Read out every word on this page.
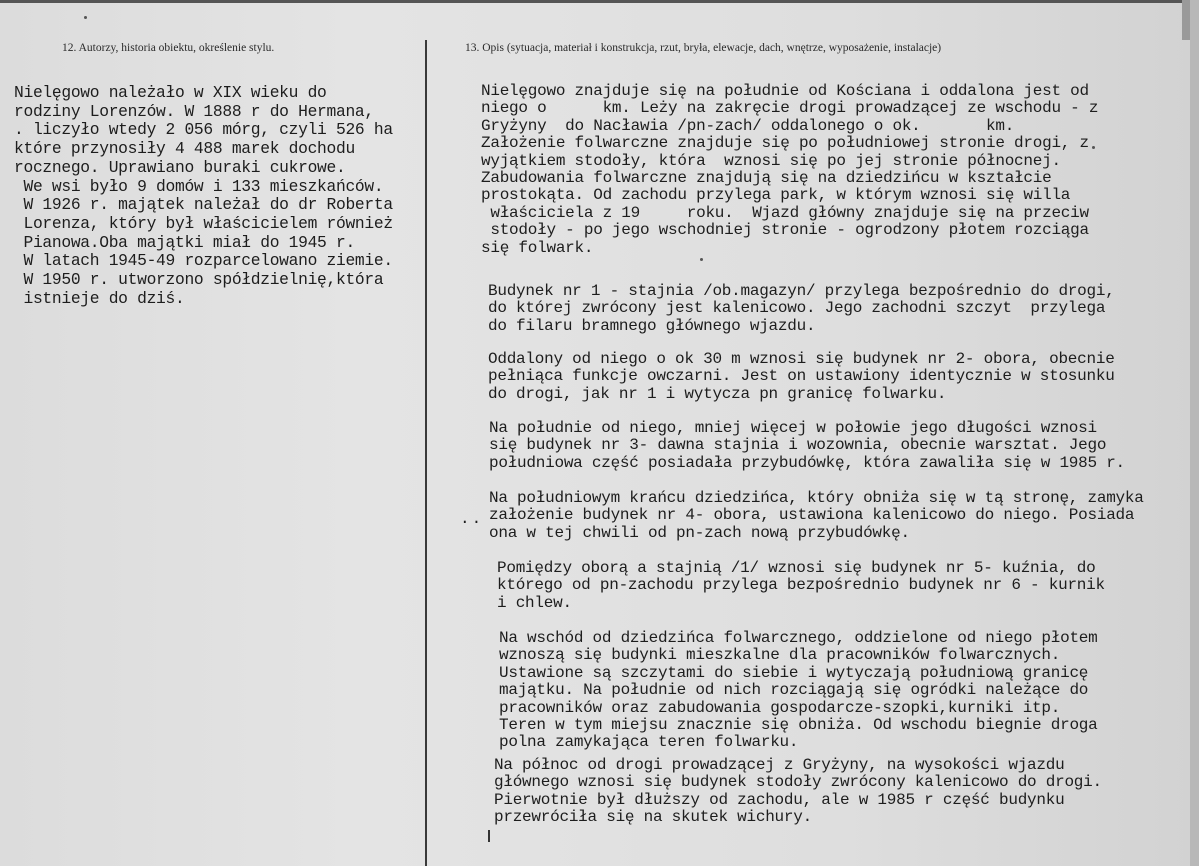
12. Autorzy, historia obiektu, określenie stylu.	13. Opis (sytuacja, materiał i konstrukcja, rzut, bryła, elewacje, dach, wnętrze, wyposażenie, instalacje)
Nielęgowo należało w XIX wieku do
rodziny Lorenzów. W 1888 r do Hermana,
. liczyło wtedy 2 056 mórg, czyli 526 ha
które przynosiły 4 488 marek dochodu
rocznego. Uprawiano buraki cukrowe.
We wsi było 9 domów i 133 mieszkańców.
W 1926 r. majątek należał do dr Roberta
Lorenza, który był właścicielem również
Pianowa.Oba majątki miał do 1945 r.
W latach 1945-49 rozparcelowano ziemie.
W 1950 r. utworzono spółdzielnię,która
istnieje do dziś.
Nielęgowo znajduje się na południe od Kościana i oddalona jest od
niego o      km. Leży na zakręcie drogi prowadzącej ze wschodu - z
Gryżyny  do Nacławia /pn-zach/ oddalonego o ok.       km.
Założenie folwarczne znajduje się po południowej stronie drogi, z
wyjątkiem stodoły, która  wznosi się po jej stronie północnej.
Zabudowania folwarczne znajdują się na dziedzińcu w kształcie
prostokąta. Od zachodu przylega park, w którym wznosi się willa
właściciela z 19     roku.  Wjazd główny znajduje się na przeciw
stodoły - po jego wschodniej stronie - ogrodzony płotem rozciąga
się folwark.
Budynek nr 1 - stajnia /ob.magazyn/ przylega bezpośrednio do drogi,
do której zwrócony jest kalenicowo. Jego zachodni szczyt  przylega
do filaru bramnego głównego wjazdu.
Oddalony od niego o ok 30 m wznosi się budynek nr 2- obora, obecnie
pełniąca funkcje owczarni. Jest on ustawiony identycznie w stosunku
do drogi, jak nr 1 i wytycza pn granicę folwarku.
Na południe od niego, mniej więcej w połowie jego długości wznosi
się budynek nr 3- dawna stajnia i wozownia, obecnie warsztat. Jego
południowa część posiadała przybudówkę, która zawaliła się w 1985 r.
Na południowym krańcu dziedzińca, który obniża się w tą stronę, zamyka
założenie budynek nr 4- obora, ustawiona kalenicowo do niego. Posiada
ona w tej chwili od pn-zach nową przybudówkę.
Pomiędzy oborą a stajnią /1/ wznosi się budynek nr 5- kuźnia, do
którego od pn-zachodu przylega bezpośrednio budynek nr 6 - kurnik
i chlew.
Na wschód od dziedzińca folwarcznego, oddzielone od niego płotem
wznoszą się budynki mieszkalne dla pracowników folwarcznych.
Ustawione są szczytami do siebie i wytyczają południową granicę
majątku. Na południe od nich rozciągają się ogródki należące do
pracowników oraz zabudowania gospodarcze-szopki,kurniki itp.
Teren w tym miejsu znacznie się obniża. Od wschodu biegnie droga
polna zamykająca teren folwarku.
Na północ od drogi prowadzącej z Gryżyny, na wysokości wjazdu
głównego wznosi się budynek stodoły zwrócony kalenicowo do drogi.
Pierwotnie był dłuższy od zachodu, ale w 1985 r część budynku
przewróciła się na skutek wichury.
..
